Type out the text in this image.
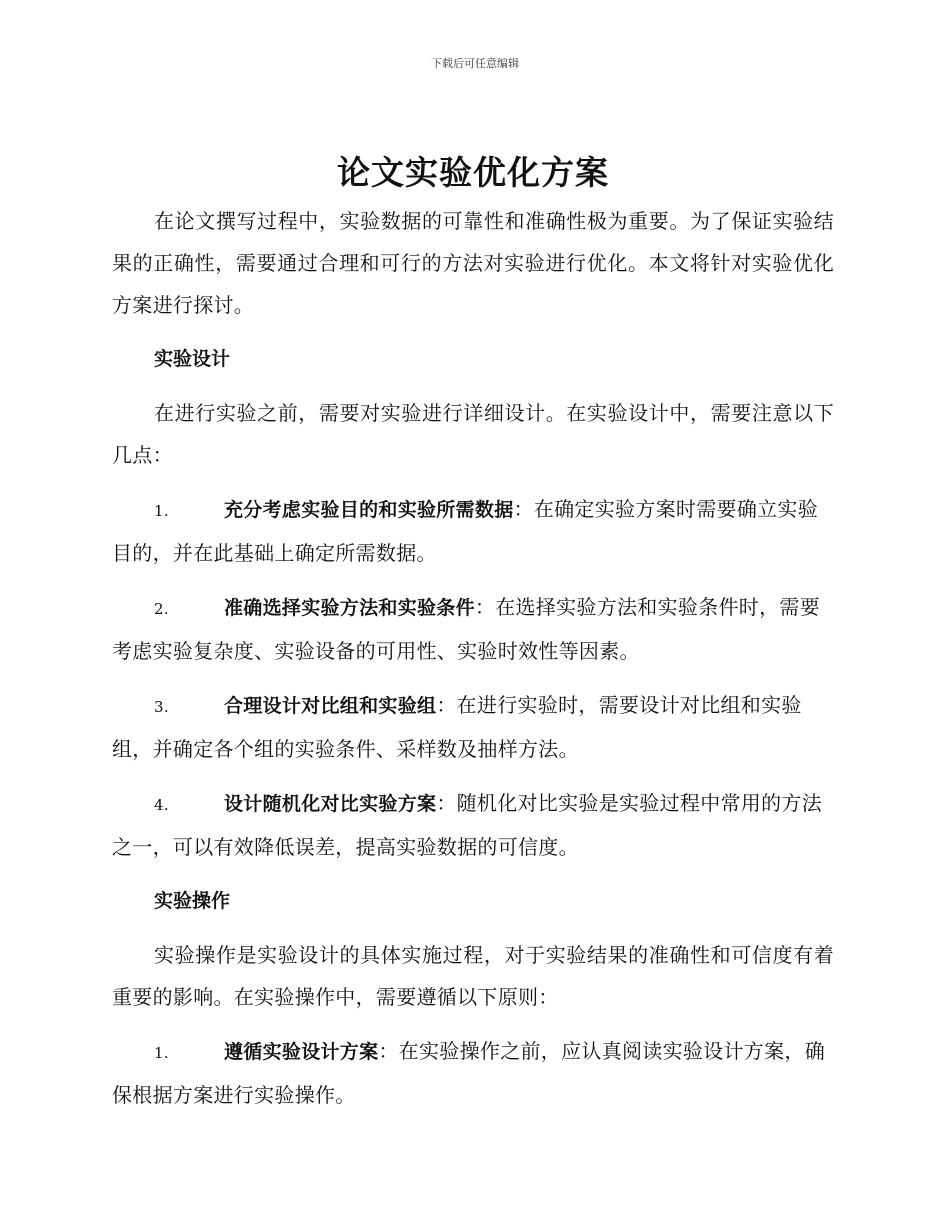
下载后可任意编辑
论文实验优化方案

在论文撰写过程中，实验数据的可靠性和准确性极为重要。为了保证实验结果的正确性，需要通过合理和可行的方法对实验进行优化。本文将针对实验优化方案进行探讨。

实验设计

在进行实验之前，需要对实验进行详细设计。在实验设计中，需要注意以下几点：

1.	充分考虑实验目的和实验所需数据：在确定实验方案时需要确立实验目的，并在此基础上确定所需数据。

2.	准确选择实验方法和实验条件：在选择实验方法和实验条件时，需要考虑实验复杂度、实验设备的可用性、实验时效性等因素。

3.	合理设计对比组和实验组：在进行实验时，需要设计对比组和实验组，并确定各个组的实验条件、采样数及抽样方法。

4.	设计随机化对比实验方案：随机化对比实验是实验过程中常用的方法之一，可以有效降低误差，提高实验数据的可信度。

实验操作

实验操作是实验设计的具体实施过程，对于实验结果的准确性和可信度有着重要的影响。在实验操作中，需要遵循以下原则：

1.	遵循实验设计方案：在实验操作之前，应认真阅读实验设计方案，确保根据方案进行实验操作。
